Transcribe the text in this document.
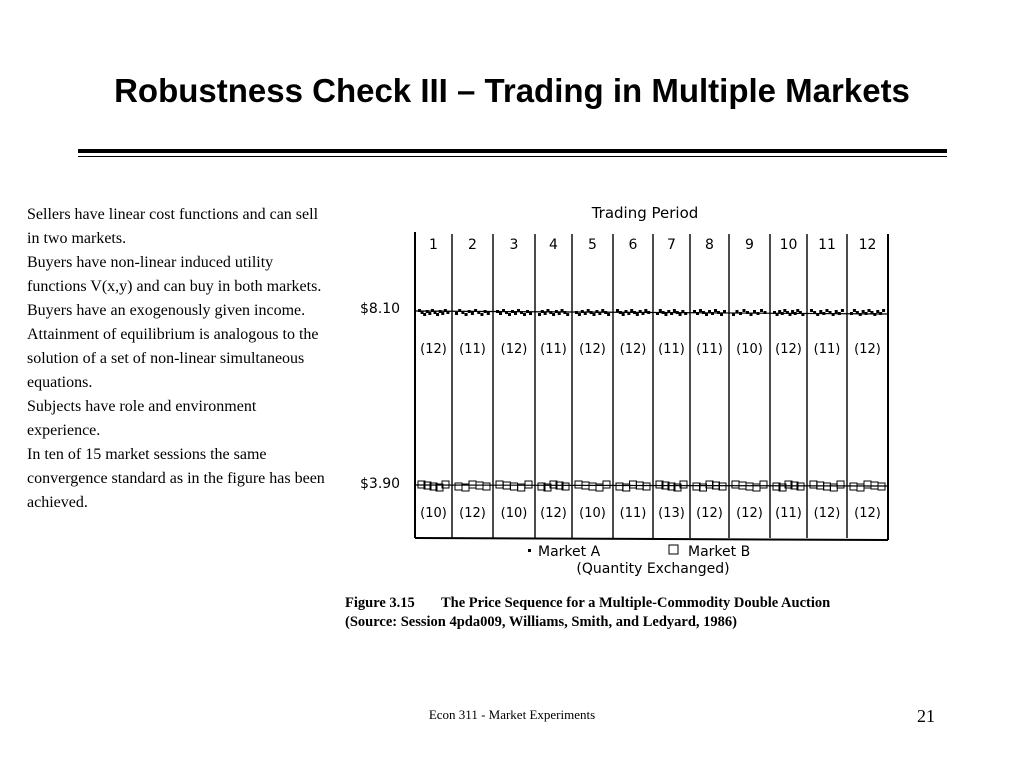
Robustness Check III – Trading in Multiple Markets

Sellers have linear cost functions and can sell in two markets.

Buyers have non-linear induced utility functions V(x,y) and can buy in both markets.

Buyers have an exogenously given income.

Attainment of equilibrium is analogous to the solution of a set of non-linear simultaneous equations.

Subjects have role and environment experience.

In ten of 15 market sessions the same convergence standard as in the figure has been achieved.

Trading Period
$8.10
$3.90
1
(12)
(10)
2
(11)
(12)
3
(12)
(10)
4
(11)
(12)
5
(12)
(10)
6
(12)
(11)
7
(11)
(13)
8
(11)
(12)
9
(10)
(12)
10
(12)
(11)
11
(11)
(12)
12
(12)
(12)
Market A	Market B
(Quantity Exchanged)
Figure 3.15 The Price Sequence for a Multiple-Commodity Double Auction
(Source: Session 4pda009, Williams, Smith, and Ledyard, 1986)
Econ 311 - Market Experiments	21
